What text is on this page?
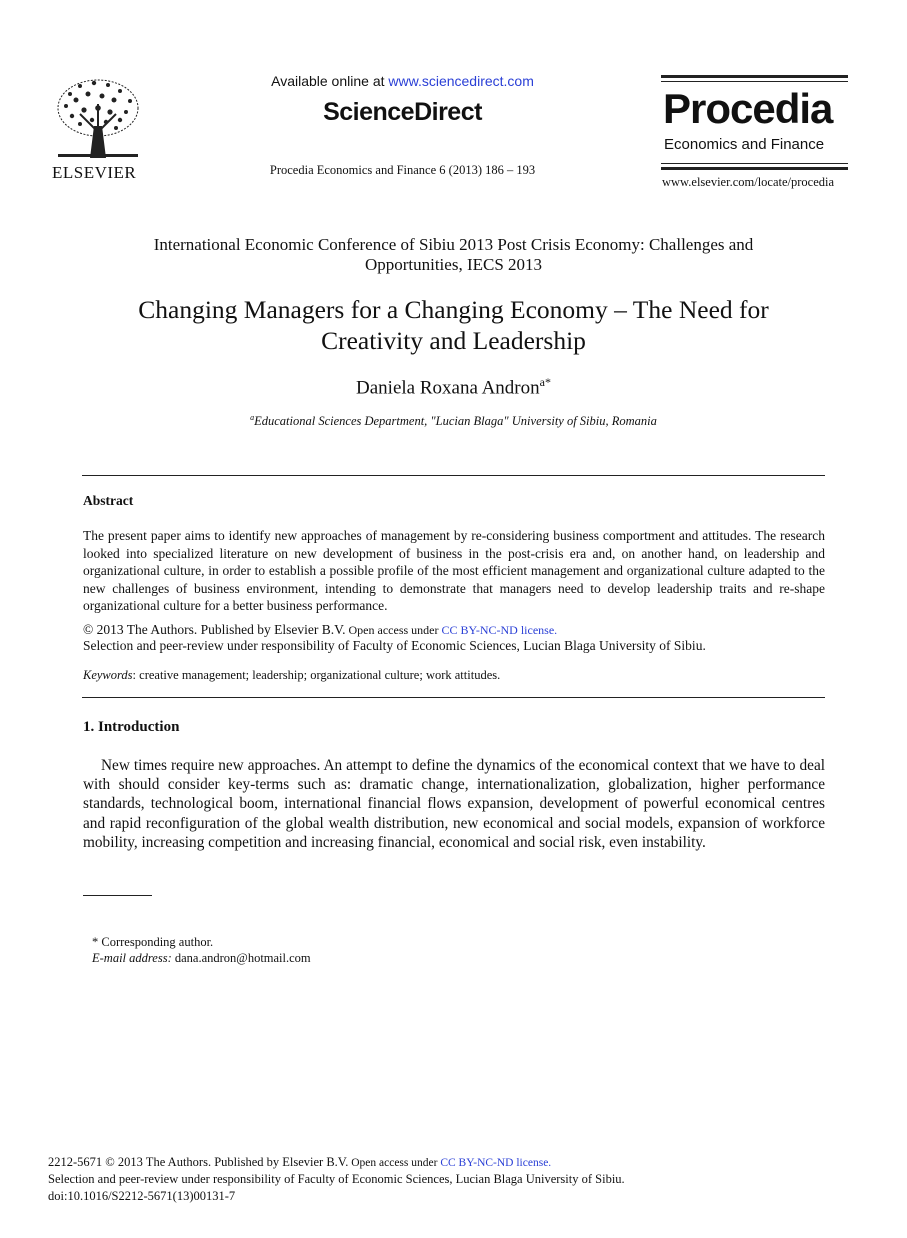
ELSEVIER
Available online at www.sciencedirect.com
ScienceDirect
Procedia Economics and Finance 6 (2013) 186 – 193
Procedia
Economics and Finance
www.elsevier.com/locate/procedia
International Economic Conference of Sibiu 2013 Post Crisis Economy: Challenges and
Opportunities, IECS 2013
Changing Managers for a Changing Economy – The Need for
Creativity and Leadership
Daniela Roxana Andron$^{a*}$
$^a$Educational Sciences Department, "Lucian Blaga" University of Sibiu, Romania
Abstract
The present paper aims to identify new approaches of management by re-considering business comportment and attitudes. The research looked into specialized literature on new development of business in the post-crisis era and, on another hand, on leadership and organizational culture, in order to establish a possible profile of the most efficient management and organizational culture adapted to the new challenges of business environment, intending to demonstrate that managers need to develop leadership traits and re-shape organizational culture for a better business performance.
© 2013 The Authors. Published by Elsevier B.V. Open access under CC BY-NC-ND license.
Selection and peer-review under responsibility of Faculty of Economic Sciences, Lucian Blaga University of Sibiu.
Keywords: creative management; leadership; organizational culture; work attitudes.
1. Introduction
New times require new approaches. An attempt to define the dynamics of the economical context that we have to deal with should consider key-terms such as: dramatic change, internationalization, globalization, higher performance standards, technological boom, international financial flows expansion, development of powerful economical centres and rapid reconfiguration of the global wealth distribution, new economical and social models, expansion of workforce mobility, increasing competition and increasing financial, economical and social risk, even instability.
* Corresponding author.
E-mail address: dana.andron@hotmail.com
2212-5671 © 2013 The Authors. Published by Elsevier B.V. Open access under CC BY-NC-ND license.
Selection and peer-review under responsibility of Faculty of Economic Sciences, Lucian Blaga University of Sibiu.
doi:10.1016/S2212-5671(13)00131-7
